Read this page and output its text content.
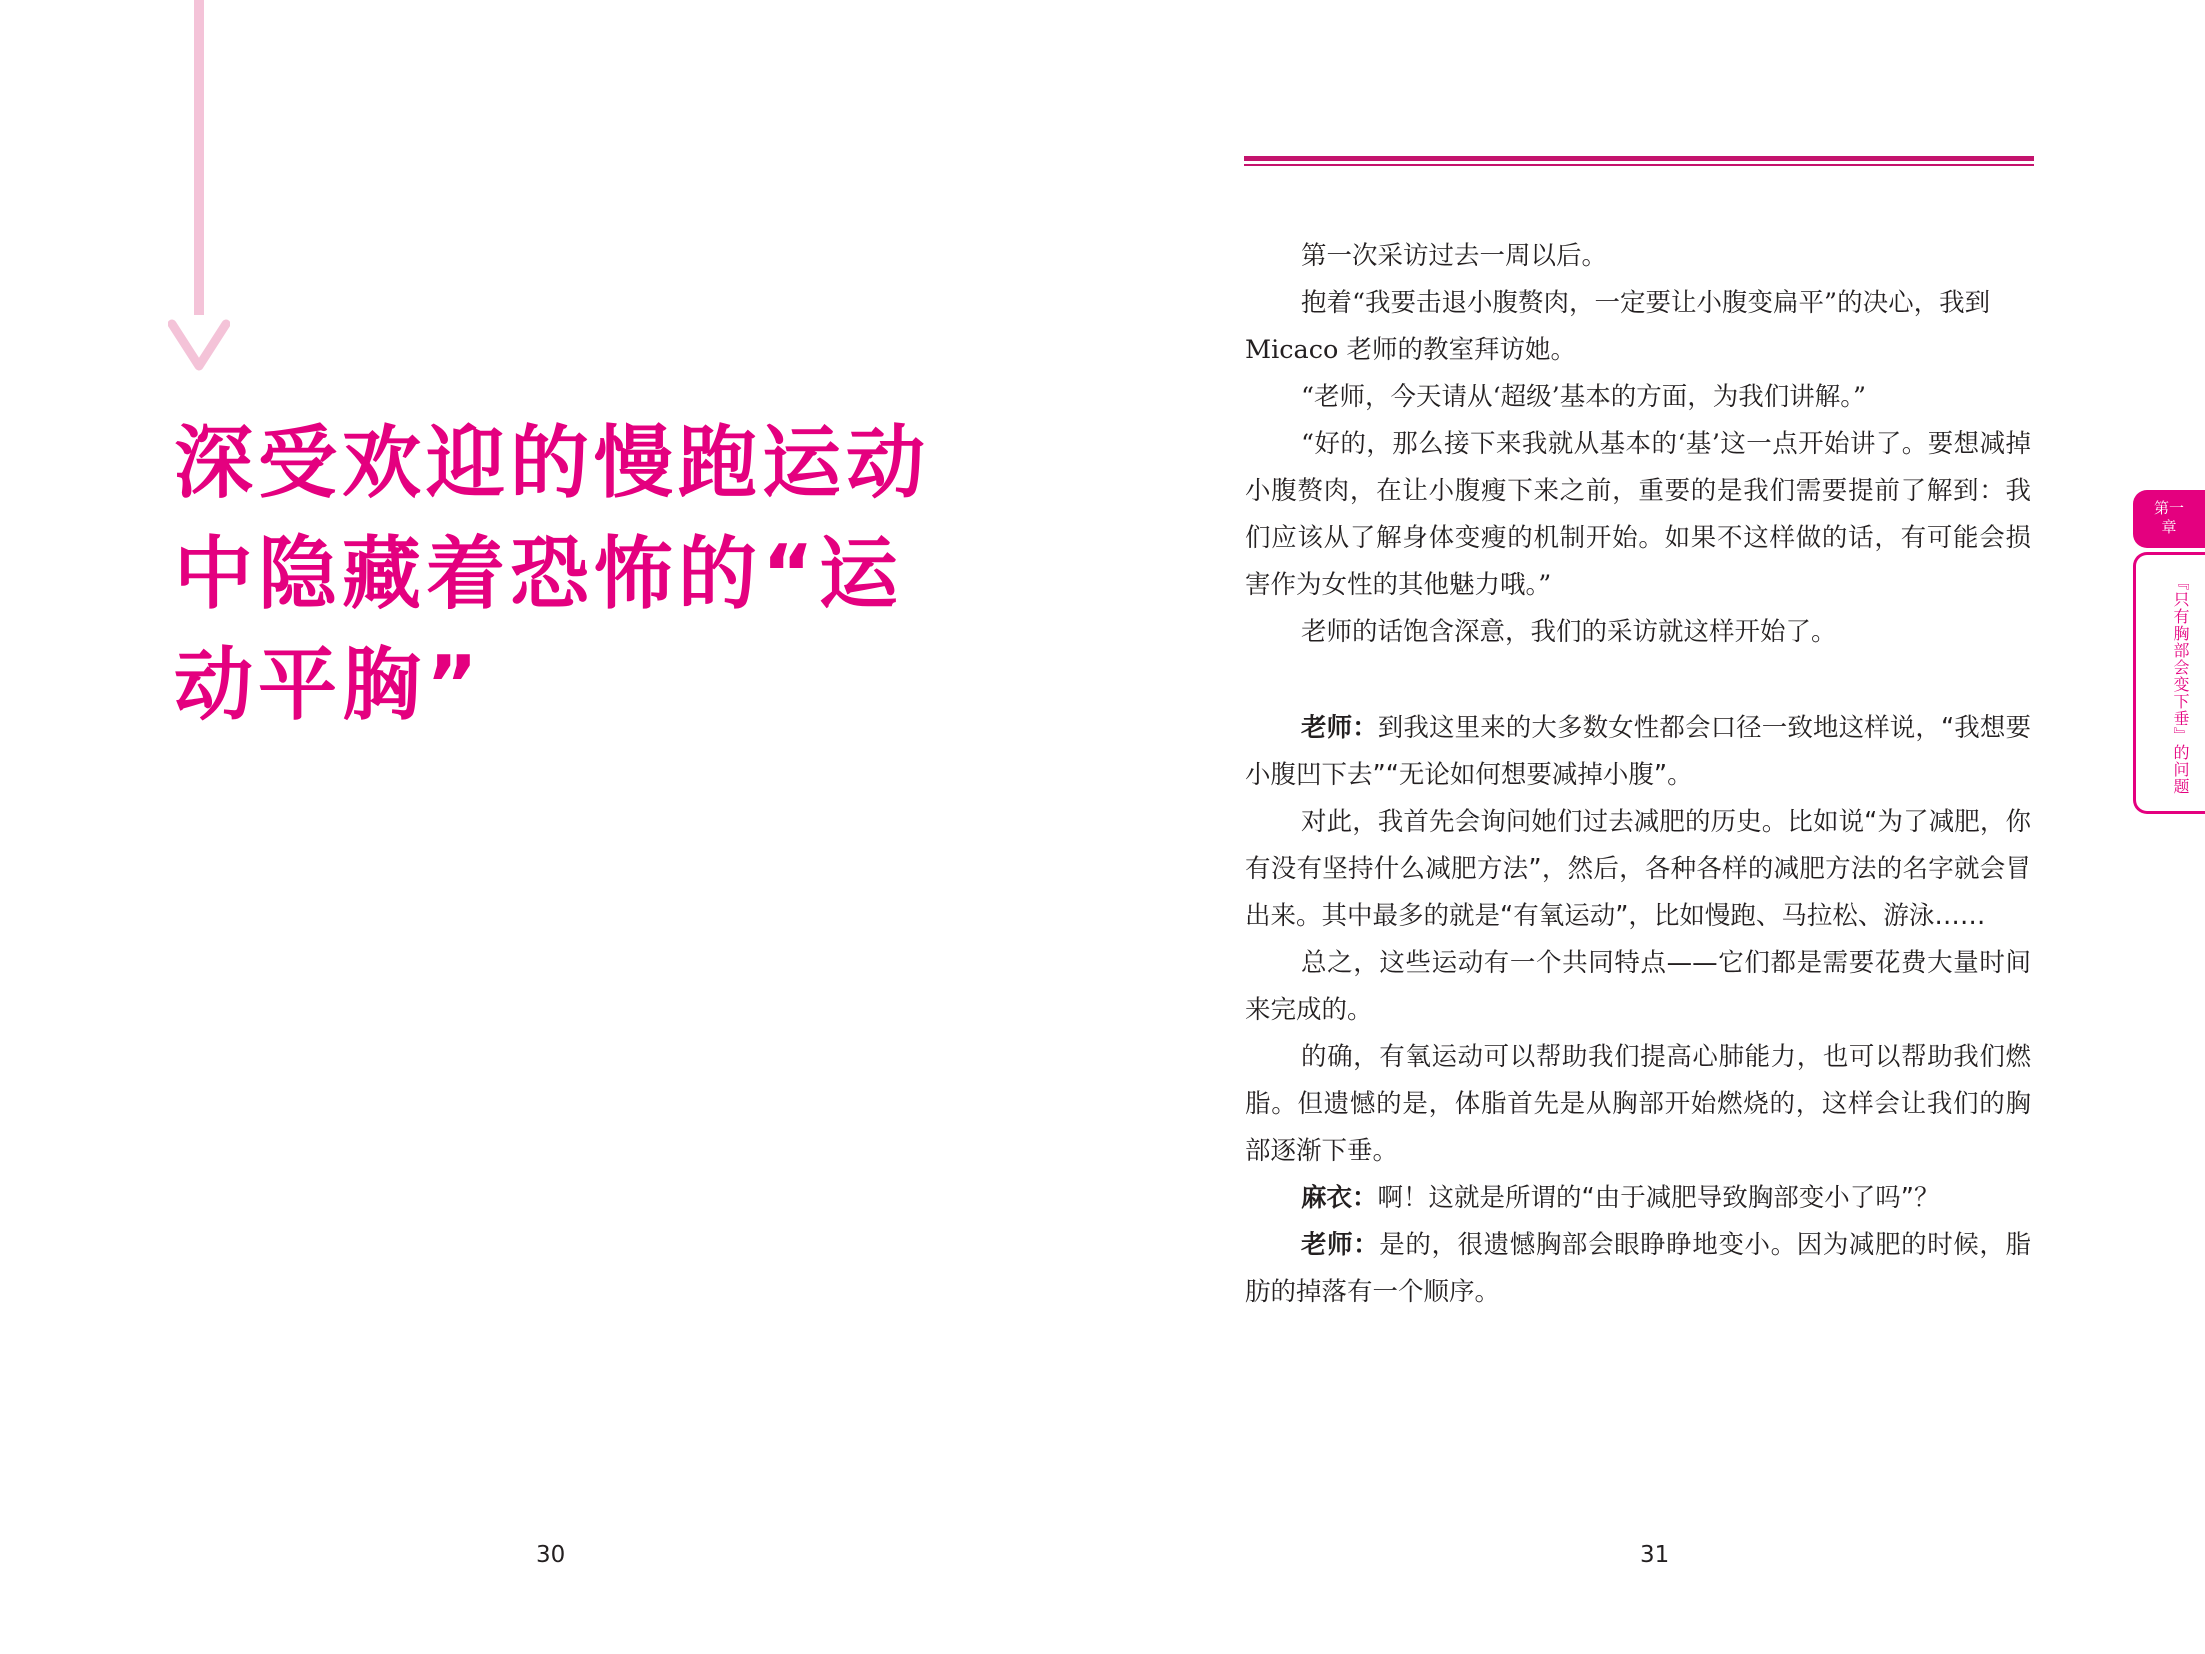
深受欢迎的慢跑运动
中隐藏着恐怖的“运
动平胸”
30

第一次采访过去一周以后。

抱着“我要击退小腹赘肉，一定要让小腹变扁平”的决心，我到

Micaco 老师的教室拜访她。

“老师，今天请从‘超级’基本的方面，为我们讲解。”

“好的，那么接下来我就从基本的‘基’这一点开始讲了。要想减掉小腹赘肉，在让小腹瘦下来之前，重要的是我们需要提前了解到：我们应该从了解身体变瘦的机制开始。如果不这样做的话，有可能会损害作为女性的其他魅力哦。”

老师的话饱含深意，我们的采访就这样开始了。

老师：到我这里来的大多数女性都会口径一致地这样说，“我想要小腹凹下去”“无论如何想要减掉小腹”。

对此，我首先会询问她们过去减肥的历史。比如说“为了减肥，你有没有坚持什么减肥方法”，然后，各种各样的减肥方法的名字就会冒出来。其中最多的就是“有氧运动”，比如慢跑、马拉松、游泳……

总之，这些运动有一个共同特点——它们都是需要花费大量时间来完成的。

的确，有氧运动可以帮助我们提高心肺能力，也可以帮助我们燃脂。但遗憾的是，体脂首先是从胸部开始燃烧的，这样会让我们的胸部逐渐下垂。

麻衣：啊！这就是所谓的“由于减肥导致胸部变小了吗”？

老师：是的，很遗憾胸部会眼睁睁地变小。因为减肥的时候，脂肪的掉落有一个顺序。

31
第一
章
『只有胸部会变下垂』的问题
